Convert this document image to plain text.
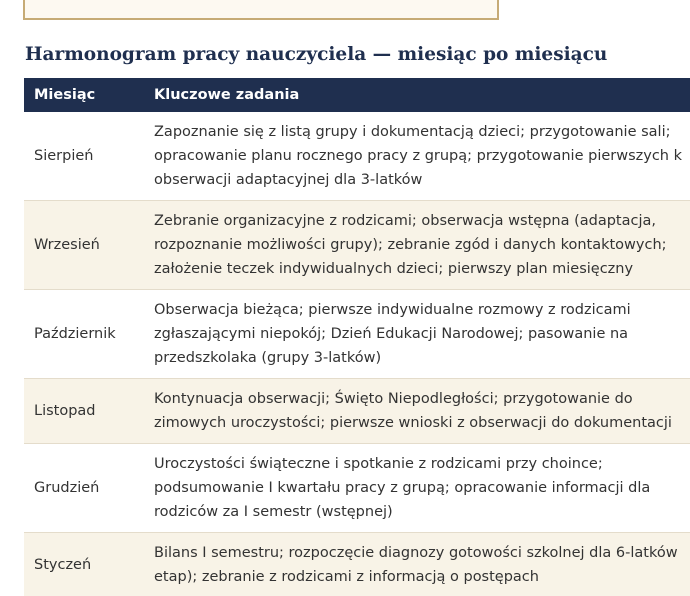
Harmonogram pracy nauczyciela — miesiąc po miesiącu
Miesiąc	Kluczowe zadania
Sierpień	Zapoznanie się z listą grupy i dokumentacją dzieci; przygotowanie sali;
opracowanie planu rocznego pracy z grupą; przygotowanie pierwszych k
obserwacji adaptacyjnej dla 3-latków

Wrzesień	Zebranie organizacyjne z rodzicami; obserwacja wstępna (adaptacja,
rozpoznanie możliwości grupy); zebranie zgód i danych kontaktowych;
założenie teczek indywidualnych dzieci; pierwszy plan miesięczny

Październik	Obserwacja bieżąca; pierwsze indywidualne rozmowy z rodzicami
zgłaszającymi niepokój; Dzień Edukacji Narodowej; pasowanie na
przedszkolaka (grupy 3-latków)

Listopad	Kontynuacja obserwacji; Święto Niepodległości; przygotowanie do
zimowych uroczystości; pierwsze wnioski z obserwacji do dokumentacji

Grudzień	Uroczystości świąteczne i spotkanie z rodzicami przy choince;
podsumowanie I kwartału pracy z grupą; opracowanie informacji dla
rodziców za I semestr (wstępnej)

Styczeń	Bilans I semestru; rozpoczęcie diagnozy gotowości szkolnej dla 6-latków
etap); zebranie z rodzicami z informacją o postępach
